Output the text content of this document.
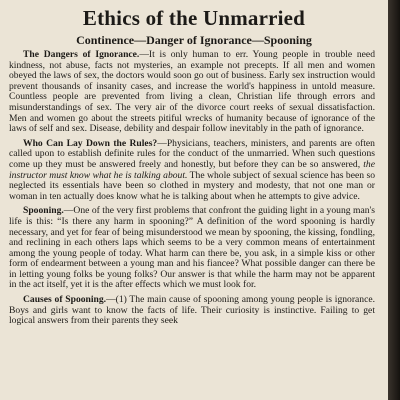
Ethics of the Unmarried
Continence—Danger of Ignorance—Spooning

The Dangers of Ignorance.—It is only human to err. Young people in trouble need kindness, not abuse, facts not mysteries, an example not precepts. If all men and women obeyed the laws of sex, the doctors would soon go out of business. Early sex instruction would prevent thousands of insanity cases, and increase the world's happiness in untold measure. Countless people are prevented from living a clean, Christian life through errors and misunderstandings of sex. The very air of the divorce court reeks of sexual dissatisfaction. Men and women go about the streets pitiful wrecks of humanity because of ignorance of the laws of self and sex. Disease, debility and despair follow inevitably in the path of ignorance.

Who Can Lay Down the Rules?—Physicians, teachers, ministers, and parents are often called upon to establish definite rules for the conduct of the unmarried. When such questions come up they must be answered freely and honestly, but before they can be so answered, the instructor must know what he is talking about. The whole subject of sexual science has been so neglected its essentials have been so clothed in mystery and modesty, that not one man or woman in ten actually does know what he is talking about when he attempts to give advice.

Spooning.—One of the very first problems that confront the guiding light in a young man's life is this: “Is there any harm in spooning?” A definition of the word spooning is hardly necessary, and yet for fear of being misunderstood we mean by spooning, the kissing, fondling, and reclining in each others laps which seems to be a very common means of entertainment among the young people of today. What harm can there be, you ask, in a simple kiss or other form of endearment between a young man and his fiancee? What possible danger can there be in letting young folks be young folks? Our answer is that while the harm may not be apparent in the act itself, yet it is the after effects which we must look for.

Causes of Spooning.—(1) The main cause of spooning among young people is ignorance. Boys and girls want to know the facts of life. Their curiosity is instinctive. Failing to get logical answers from their parents they seek
